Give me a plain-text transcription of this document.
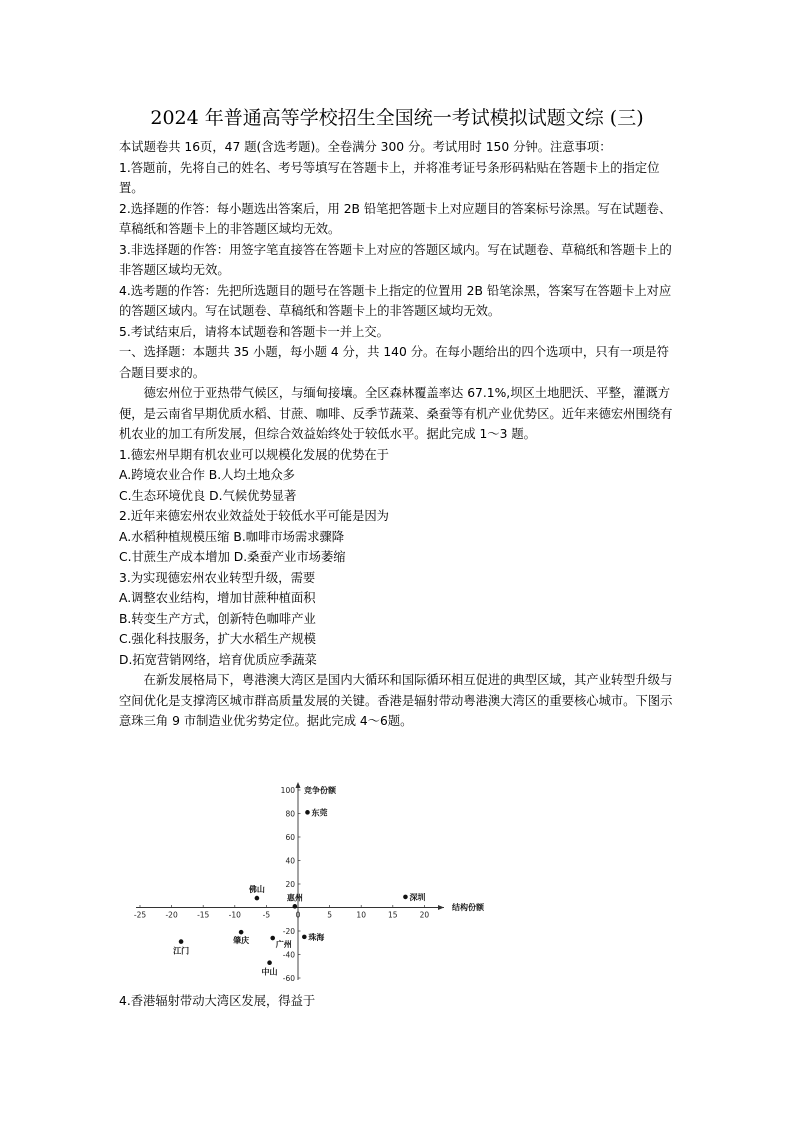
2024 年普通高等学校招生全国统一考试模拟试题文综 (三)

本试题卷共 16页，47 题(含选考题)。全卷满分 300 分。考试用时 150 分钟。注意事项：

1.答题前，先将自己的姓名、考号等填写在答题卡上，并将准考证号条形码粘贴在答题卡上的指定位置。

2.选择题的作答：每小题选出答案后，用 2B 铅笔把答题卡上对应题目的答案标号涂黑。写在试题卷、草稿纸和答题卡上的非答题区域均无效。

3.非选择题的作答：用签字笔直接答在答题卡上对应的答题区域内。写在试题卷、草稿纸和答题卡上的非答题区域均无效。

4.选考题的作答：先把所选题目的题号在答题卡上指定的位置用 2B 铅笔涂黑，答案写在答题卡上对应的答题区域内。写在试题卷、草稿纸和答题卡上的非答题区域均无效。

5.考试结束后，请将本试题卷和答题卡一并上交。

一、选择题：本题共 35 小题，每小题 4 分，共 140 分。在每小题给出的四个选项中，只有一项是符合题目要求的。

德宏州位于亚热带气候区，与缅甸接壤。全区森林覆盖率达 67.1%,坝区土地肥沃、平整，灌溉方便，是云南省早期优质水稻、甘蔗、咖啡、反季节蔬菜、桑蚕等有机产业优势区。近年来德宏州围绕有机农业的加工有所发展，但综合效益始终处于较低水平。据此完成 1～3 题。

1.德宏州早期有机农业可以规模化发展的优势在于

A.跨境农业合作 B.人均土地众多

C.生态环境优良 D.气候优势显著

2.近年来德宏州农业效益处于较低水平可能是因为

A.水稻种植规模压缩 B.咖啡市场需求骤降

C.甘蔗生产成本增加 D.桑蚕产业市场萎缩

3.为实现德宏州农业转型升级，需要

A.调整农业结构，增加甘蔗种植面积

B.转变生产方式，创新特色咖啡产业

C.强化科技服务，扩大水稻生产规模

D.拓宽营销网络，培育优质应季蔬菜

在新发展格局下，粤港澳大湾区是国内大循环和国际循环相互促进的典型区域，其产业转型升级与空间优化是支撑湾区城市群高质量发展的关键。香港是辐射带动粤港澳大湾区的重要核心城市。下图示意珠三角 9 市制造业优劣势定位。据此完成 4～6题。

-25	-20	-15	-10	-5	0	5	10	15	20
100
80
60
40
20
-20
-40
-60
竞争份额
结构份额
东莞
深圳
佛山
惠州
江门
肇庆	广州
珠海
中山
4.香港辐射带动大湾区发展，得益于
